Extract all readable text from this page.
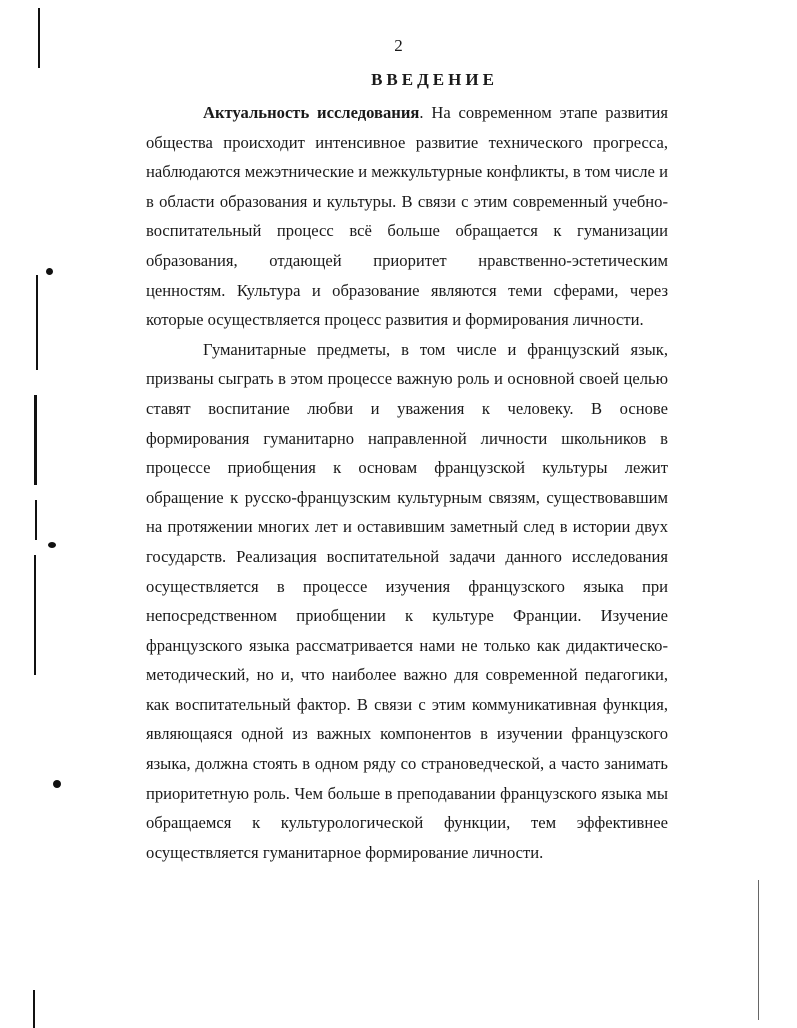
2
ВВЕДЕНИЕ

Актуальность исследования. На современном этапе развития общества происходит интенсивное развитие технического прогресса, наблюдаются межэтнические и межкультурные конфликты, в том числе и в области образования и культуры. В связи с этим современный учебно-воспитательный процесс всё больше обращается к гуманизации образования, отдающей приоритет нравственно-эстетическим ценностям. Культура и образование являются теми сферами, через которые осуществляется процесс развития и формирования личности.

Гуманитарные предметы, в том числе и французский язык, призваны сыграть в этом процессе важную роль и основной своей целью ставят воспитание любви и уважения к человеку. В основе формирования гуманитарно направленной личности школьников в процессе приобщения к основам французской культуры лежит обращение к русско-французским культурным связям, существовавшим на протяжении многих лет и оставившим заметный след в истории двух государств. Реализация воспитательной задачи данного исследования осуществляется в процессе изучения французского языка при непосредственном приобщении к культуре Франции. Изучение французского языка рассматривается нами не только как дидактическо-методический, но и, что наиболее важно для современной педагогики, как воспитательный фактор. В связи с этим коммуникативная функция, являющаяся одной из важных компонентов в изучении французского языка, должна стоять в одном ряду со страноведческой, а часто занимать приоритетную роль. Чем больше в преподавании французского языка мы обращаемся к культурологической функции, тем эффективнее осуществляется гуманитарное формирование личности.
